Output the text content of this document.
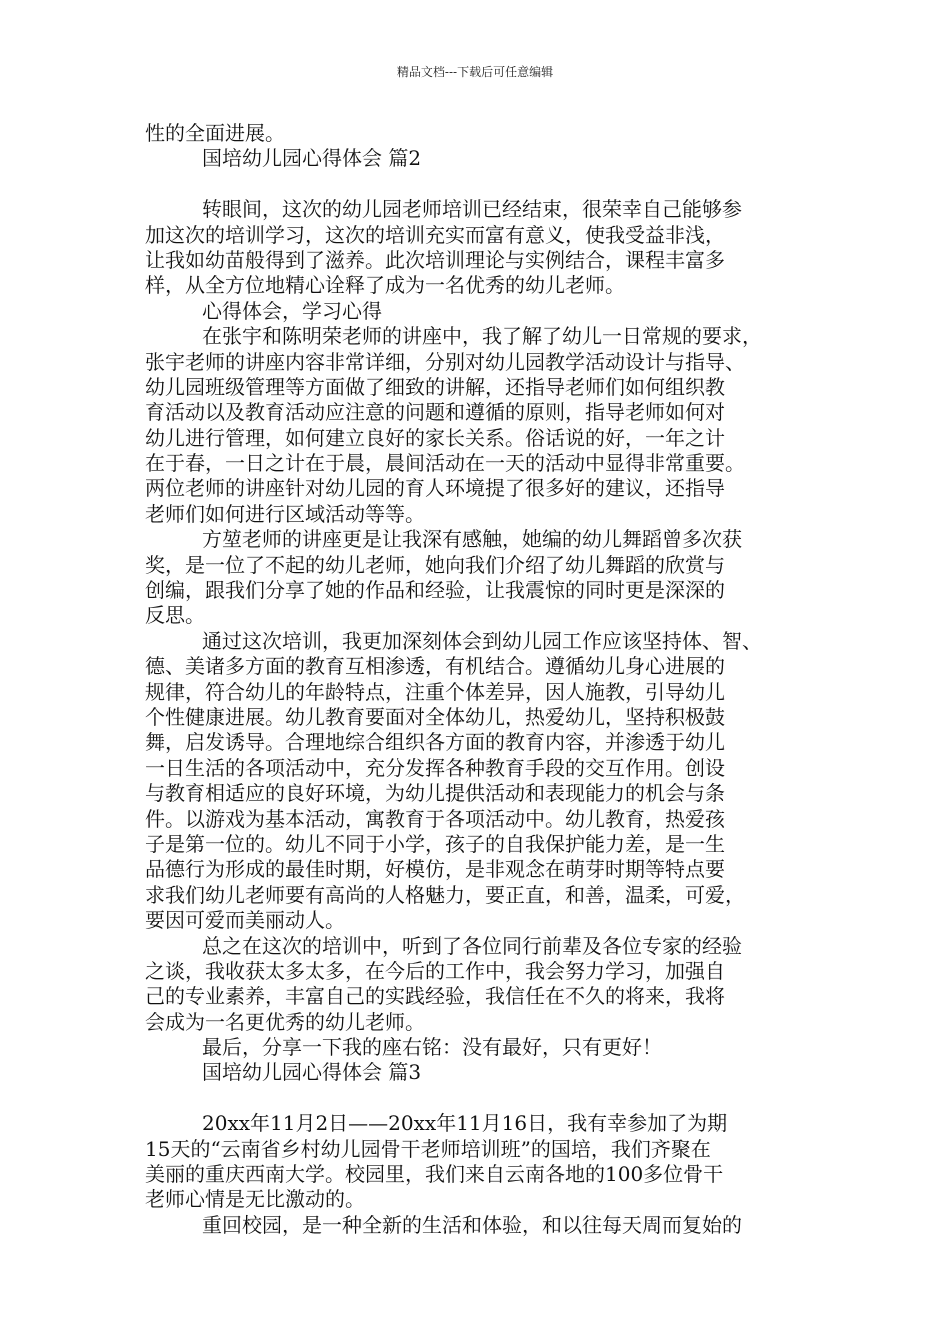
精品文档---下载后可任意编辑
性的全面进展。
国培幼儿园心得体会 篇2
转眼间，这次的幼儿园老师培训已经结束，很荣幸自己能够参
加这次的培训学习，这次的培训充实而富有意义，使我受益非浅，
让我如幼苗般得到了滋养。此次培训理论与实例结合，课程丰富多
样，从全方位地精心诠释了成为一名优秀的幼儿老师。
心得体会，学习心得
在张宇和陈明荣老师的讲座中，我了解了幼儿一日常规的要求，
张宇老师的讲座内容非常详细，分别对幼儿园教学活动设计与指导、
幼儿园班级管理等方面做了细致的讲解，还指导老师们如何组织教
育活动以及教育活动应注意的问题和遵循的原则，指导老师如何对
幼儿进行管理，如何建立良好的家长关系。俗话说的好，一年之计
在于春，一日之计在于晨，晨间活动在一天的活动中显得非常重要。
两位老师的讲座针对幼儿园的育人环境提了很多好的建议，还指导
老师们如何进行区域活动等等。
方堃老师的讲座更是让我深有感触，她编的幼儿舞蹈曾多次获
奖，是一位了不起的幼儿老师，她向我们介绍了幼儿舞蹈的欣赏与
创编，跟我们分享了她的作品和经验，让我震惊的同时更是深深的
反思。
通过这次培训，我更加深刻体会到幼儿园工作应该坚持体、智、
德、美诸多方面的教育互相渗透，有机结合。遵循幼儿身心进展的
规律，符合幼儿的年龄特点，注重个体差异，因人施教，引导幼儿
个性健康进展。幼儿教育要面对全体幼儿，热爱幼儿，坚持积极鼓
舞，启发诱导。合理地综合组织各方面的教育内容，并渗透于幼儿
一日生活的各项活动中，充分发挥各种教育手段的交互作用。创设
与教育相适应的良好环境，为幼儿提供活动和表现能力的机会与条
件。以游戏为基本活动，寓教育于各项活动中。幼儿教育，热爱孩
子是第一位的。幼儿不同于小学，孩子的自我保护能力差，是一生
品德行为形成的最佳时期，好模仿，是非观念在萌芽时期等特点要
求我们幼儿老师要有高尚的人格魅力，要正直，和善，温柔，可爱，
要因可爱而美丽动人。
总之在这次的培训中，听到了各位同行前辈及各位专家的经验
之谈，我收获太多太多，在今后的工作中，我会努力学习，加强自
己的专业素养，丰富自己的实践经验，我信任在不久的将来，我将
会成为一名更优秀的幼儿老师。
最后，分享一下我的座右铭：没有最好，只有更好！
国培幼儿园心得体会 篇3
20xx年11月2日——20xx年11月16日，我有幸参加了为期
15天的“云南省乡村幼儿园骨干老师培训班”的国培，我们齐聚在
美丽的重庆西南大学。校园里，我们来自云南各地的100多位骨干
老师心情是无比激动的。
重回校园，是一种全新的生活和体验，和以往每天周而复始的
